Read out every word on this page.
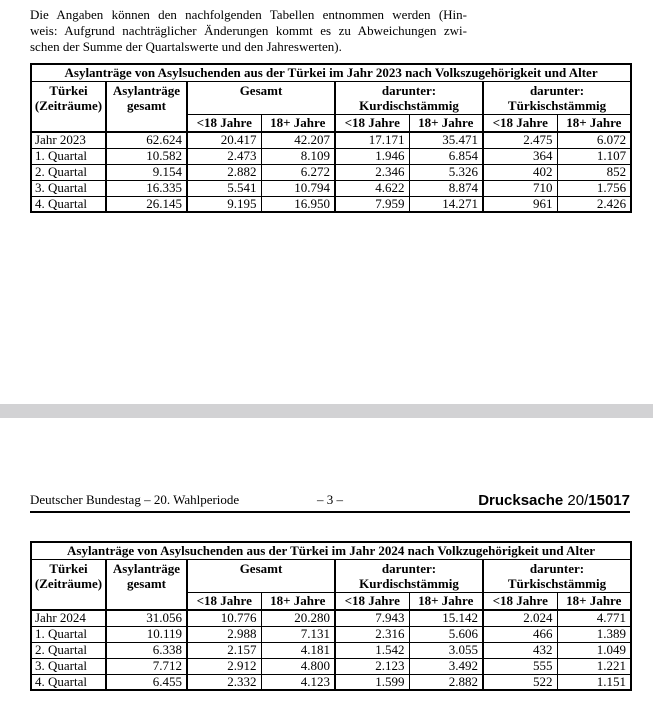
Die Angaben können den nachfolgenden Tabellen entnommen werden (Hin-
weis: Aufgrund nachträglicher Änderungen kommt es zu Abweichungen zwi-
schen der Summe der Quartalswerte und den Jahreswerten).
Asylanträge von Asylsuchenden aus der Türkei im Jahr 2023 nach Volkszugehörigkeit und Alter							

Türkei
(Zeiträume)

Asylanträge
gesamt

Gesamt	darunter:
Kurdischstämmig

darunter:
Türkischstämmig

		<18 Jahre	18+ Jahre	<18 Jahre	18+ Jahre	<18 Jahre	18+ Jahre
Jahr 2023	62.624	20.417	42.207	17.171	35.471	2.475	6.072
1. Quartal	10.582	2.473	8.109	1.946	6.854	364	1.107
2. Quartal	9.154	2.882	6.272	2.346	5.326	402	852
3. Quartal	16.335	5.541	10.794	4.622	8.874	710	1.756
4. Quartal	26.145	9.195	16.950	7.959	14.271	961	2.426
Deutscher Bundestag – 20. Wahlperiode	– 3 –	Drucksache 20/15017
Asylanträge von Asylsuchenden aus der Türkei im Jahr 2024 nach Volkzugehörigkeit und Alter							

Türkei
(Zeiträume)

Asylanträge
gesamt

Gesamt	darunter:
Kurdischstämmig

darunter:
Türkischstämmig

		<18 Jahre	18+ Jahre	<18 Jahre	18+ Jahre	<18 Jahre	18+ Jahre
Jahr 2024	31.056	10.776	20.280	7.943	15.142	2.024	4.771
1. Quartal	10.119	2.988	7.131	2.316	5.606	466	1.389
2. Quartal	6.338	2.157	4.181	1.542	3.055	432	1.049
3. Quartal	7.712	2.912	4.800	2.123	3.492	555	1.221
4. Quartal	6.455	2.332	4.123	1.599	2.882	522	1.151
